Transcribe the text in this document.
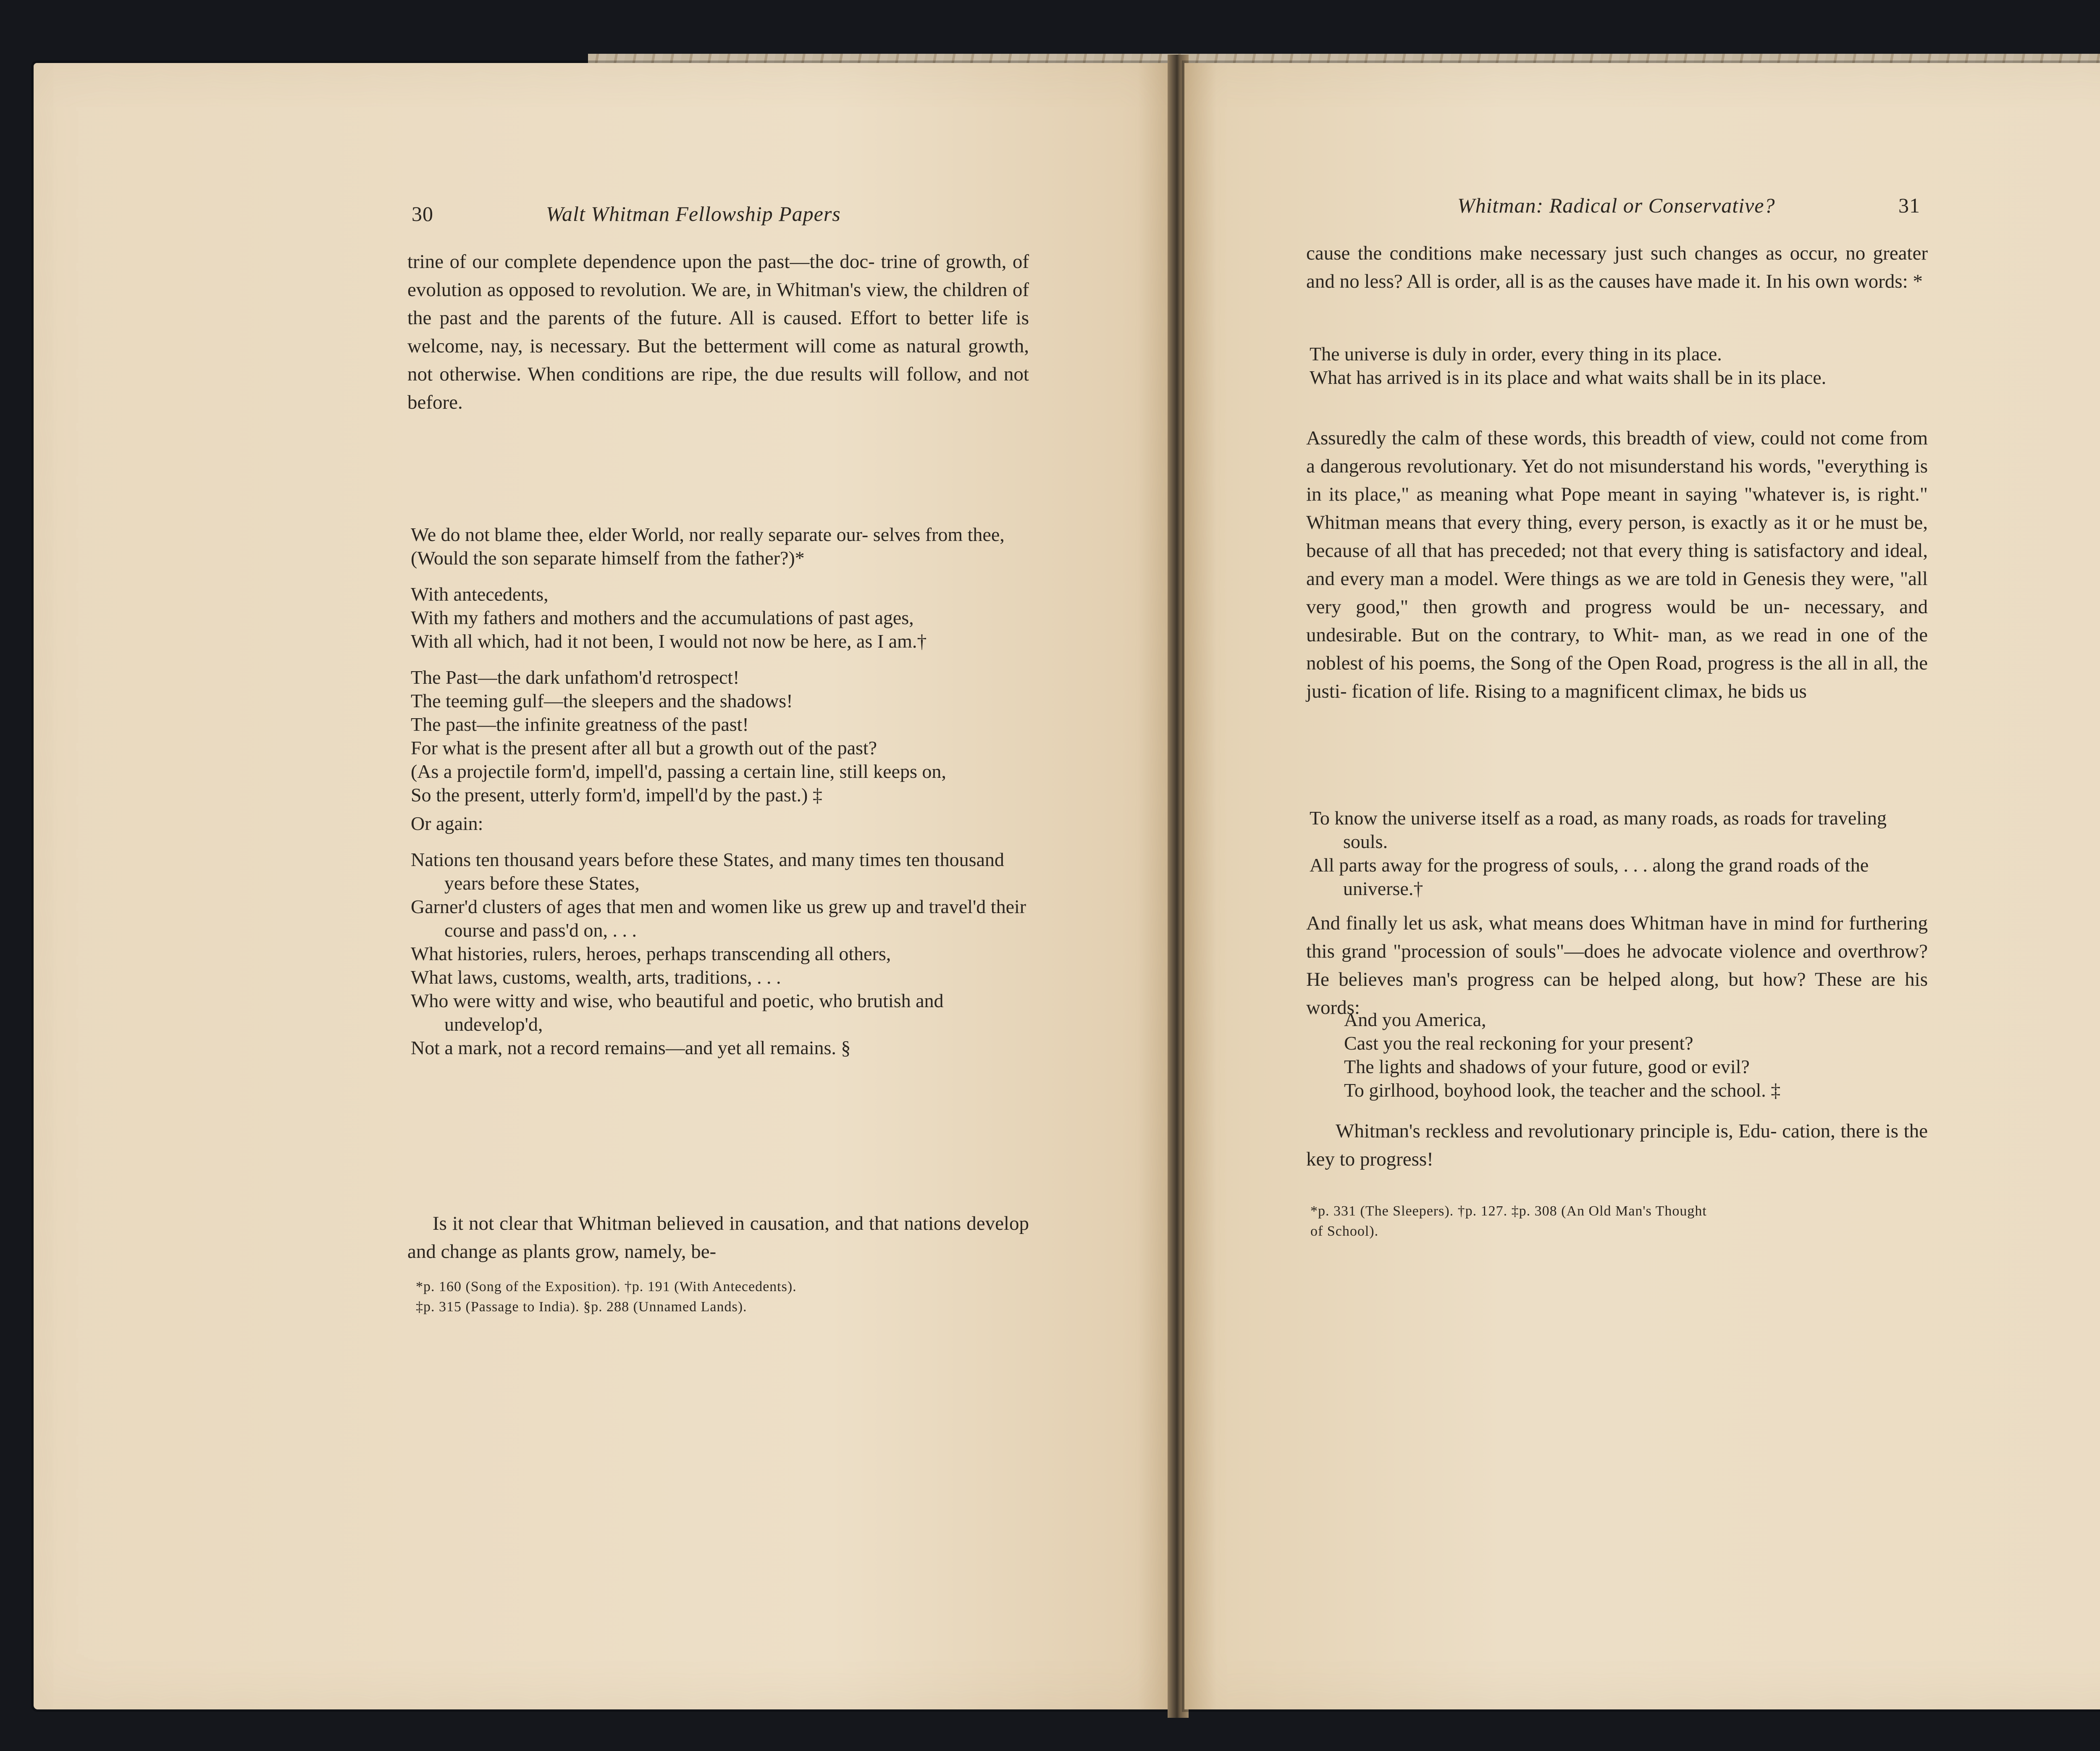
30	Walt Whitman Fellowship Papers

trine of our complete dependence upon the past—the doc- trine of growth, of evolution as opposed to revolution. We are, in Whitman's view, the children of the past and the parents of the future. All is caused. Effort to better life is welcome, nay, is necessary. But the betterment will come as natural growth, not otherwise. When conditions are ripe, the due results will follow, and not before.

We do not blame thee, elder World, nor really separate our- selves from thee,

(Would the son separate himself from the father?)*

With antecedents,

With my fathers and mothers and the accumulations of past ages,

With all which, had it not been, I would not now be here, as I am.†

The Past—the dark unfathom'd retrospect!

The teeming gulf—the sleepers and the shadows!

The past—the infinite greatness of the past!

For what is the present after all but a growth out of the past?

(As a projectile form'd, impell'd, passing a certain line, still keeps on,

So the present, utterly form'd, impell'd by the past.) ‡

Or again:

Nations ten thousand years before these States, and many times ten thousand years before these States,

Garner'd clusters of ages that men and women like us grew up and travel'd their course and pass'd on, . . .

What histories, rulers, heroes, perhaps transcending all others,

What laws, customs, wealth, arts, traditions, . . .

Who were witty and wise, who beautiful and poetic, who brutish and undevelop'd,

Not a mark, not a record remains—and yet all remains. §

Is it not clear that Whitman believed in causation, and that nations develop and change as plants grow, namely, be-

*p. 160 (Song of the Exposition). †p. 191 (With Antecedents).
‡p. 315 (Passage to India). §p. 288 (Unnamed Lands).
Whitman: Radical or Conservative?	31

cause the conditions make necessary just such changes as occur, no greater and no less? All is order, all is as the causes have made it. In his own words: *

The universe is duly in order, every thing in its place.

What has arrived is in its place and what waits shall be in its place.

Assuredly the calm of these words, this breadth of view, could not come from a dangerous revolutionary. Yet do not misunderstand his words, "everything is in its place," as meaning what Pope meant in saying "whatever is, is right." Whitman means that every thing, every person, is exactly as it or he must be, because of all that has preceded; not that every thing is satisfactory and ideal, and every man a model. Were things as we are told in Genesis they were, "all very good," then growth and progress would be un- necessary, and undesirable. But on the contrary, to Whit- man, as we read in one of the noblest of his poems, the Song of the Open Road, progress is the all in all, the justi- fication of life. Rising to a magnificent climax, he bids us

To know the universe itself as a road, as many roads, as roads for traveling souls.

All parts away for the progress of souls, . . . along the grand roads of the universe.†

And finally let us ask, what means does Whitman have in mind for furthering this grand "procession of souls"—does he advocate violence and overthrow? He believes man's progress can be helped along, but how? These are his words:

And you America,

Cast you the real reckoning for your present?

The lights and shadows of your future, good or evil?

To girlhood, boyhood look, the teacher and the school. ‡

Whitman's reckless and revolutionary principle is, Edu- cation, there is the key to progress!

*p. 331 (The Sleepers). †p. 127. ‡p. 308 (An Old Man's Thought
of School).
